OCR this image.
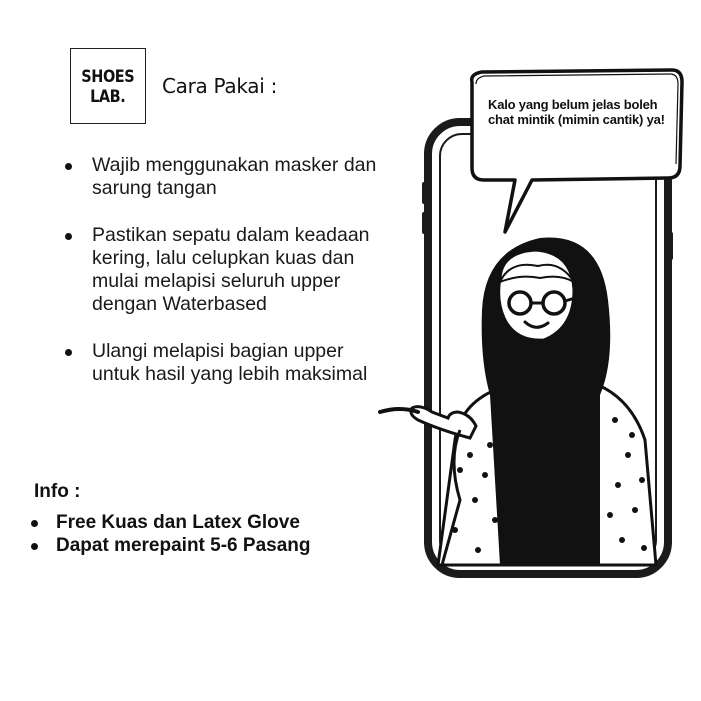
SHOES
LAB. Cara Pakai :
Wajib menggunakan masker dan sarung tangan
Pastikan sepatu dalam keadaan kering, lalu celupkan kuas dan mulai melapisi seluruh upper dengan Waterbased
Ulangi melapisi bagian upper untuk hasil yang lebih maksimal
Info :
Free Kuas dan Latex Glove
Dapat merepaint 5-6 Pasang
Kalo yang belum jelas boleh chat mintik (mimin cantik) ya!
